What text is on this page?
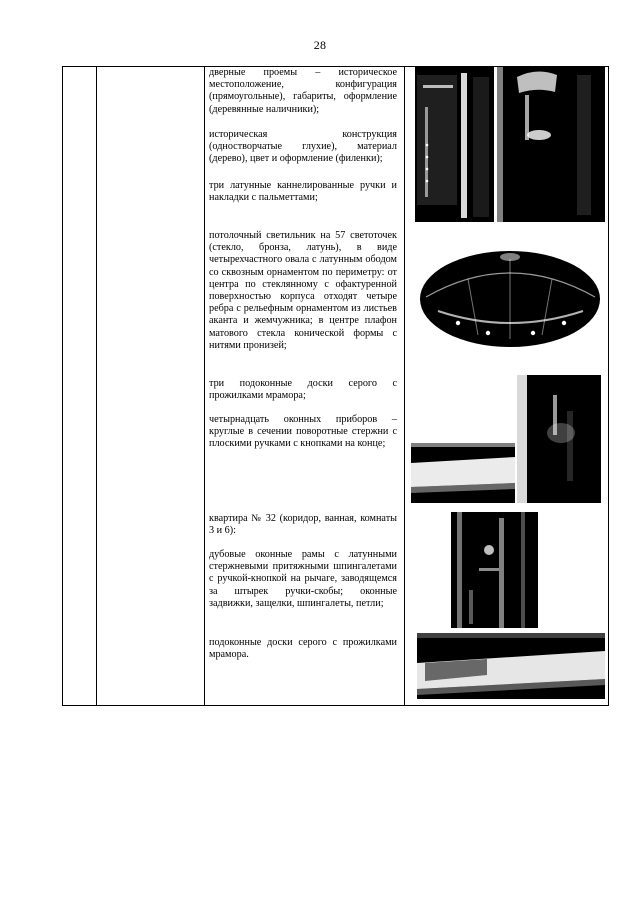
28

дверные проемы – историческое местоположение, конфигурация (прямоугольные), габариты, оформление (деревянные наличники);

историческая конструкция (одностворчатые глухие), материал (дерево), цвет и оформление (филенки);

три латунные каннелированные ручки и накладки с пальметтами;

потолочный светильник на 57 светоточек (стекло, бронза, латунь), в виде четырехчастного овала с латунным ободом со сквозным орнаментом по периметру: от центра по стеклянному с офактуренной поверхностью корпуса отходят четыре ребра с рельефным орнаментом из листьев аканта и жемчужника; в центре плафон матового стекла конической формы с нитями пронизей;

три подоконные доски серого с прожилками мрамора;

четырнадцать оконных приборов – круглые в сечении поворотные стержни с плоскими ручками с кнопками на конце;

квартира № 32 (коридор, ванная, комнаты 3 и 6):

дубовые оконные рамы с латунными стержневыми притяжными шпингалетами с ручкой-кнопкой на рычаге, заводящемся за штырек ручки-скобы; оконные задвижки, защелки, шпингалеты, петли;

подоконные доски серого с прожилками мрамора.
